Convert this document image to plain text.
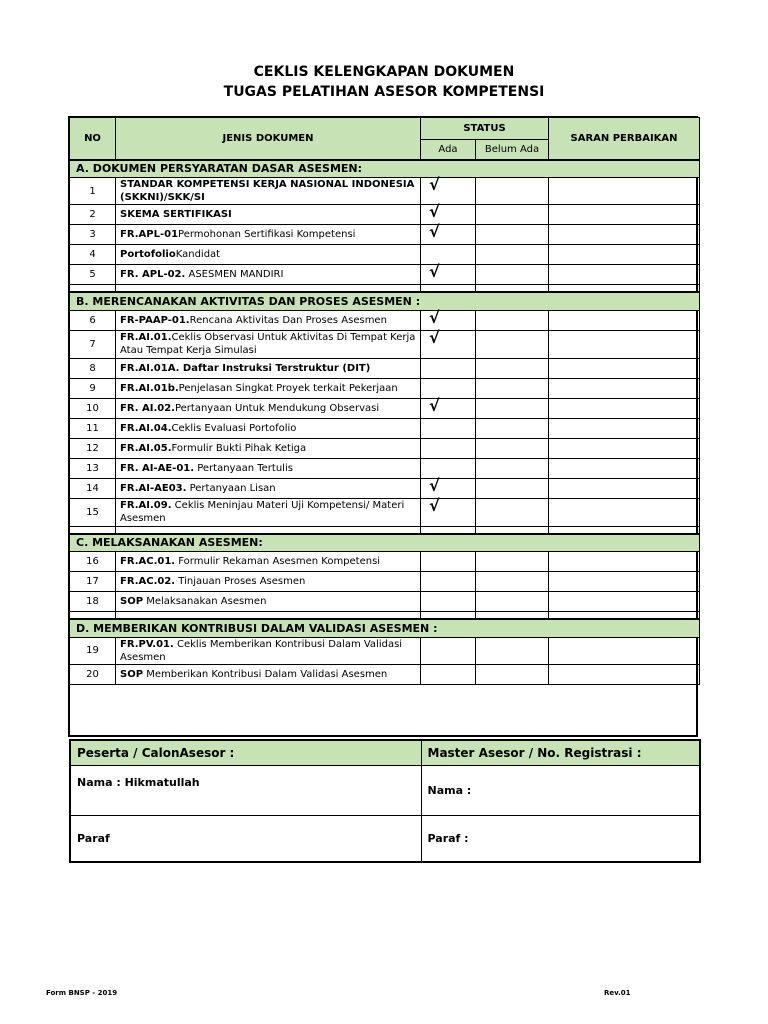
CEKLIS KELENGKAPAN DOKUMEN
TUGAS PELATIHAN ASESOR KOMPETENSI
NO	JENIS DOKUMEN	STATUS		SARAN PERBAIKAN
		Ada	Belum Ada	
A. DOKUMEN PERSYARATAN DASAR ASESMEN:				
1	STANDAR KOMPETENSI KERJA NASIONAL INDONESIA (SKKNI)/SKK/SI	√		
2	SKEMA SERTIFIKASI	√		
3	FR.APL-01Permohonan Sertifikasi Kompetensi	√		
4	PortofolioKandidat			
5	FR. APL-02. ASESMEN MANDIRI	√		

B. MERENCANAKAN AKTIVITAS DAN PROSES ASESMEN :				
6	FR-PAAP-01.Rencana Aktivitas Dan Proses Asesmen	√		
7	FR.AI.01.Ceklis Observasi Untuk Aktivitas Di Tempat Kerja Atau Tempat Kerja Simulasi	√		
8	FR.AI.01A. Daftar Instruksi Terstruktur (DIT)			
9	FR.AI.01b.Penjelasan Singkat Proyek terkait Pekerjaan			
10	FR. AI.02.Pertanyaan Untuk Mendukung Observasi	√		
11	FR.AI.04.Ceklis Evaluasi Portofolio			
12	FR.AI.05.Formulir Bukti Pihak Ketiga			
13	FR. AI-AE-01. Pertanyaan Tertulis			
14	FR.AI-AE03. Pertanyaan Lisan	√		
15	FR.AI.09. Ceklis Meninjau Materi Uji Kompetensi/ Materi Asesmen	√		

C. MELAKSANAKAN ASESMEN:				
16	FR.AC.01. Formulir Rekaman Asesmen Kompetensi			
17	FR.AC.02. Tinjauan Proses Asesmen			
18	SOP Melaksanakan Asesmen			

D. MEMBERIKAN KONTRIBUSI DALAM VALIDASI ASESMEN :				
19	FR.PV.01. Ceklis Memberikan Kontribusi Dalam Validasi Asesmen			
20	SOP Memberikan Kontribusi Dalam Validasi Asesmen			
Peserta / CalonAsesor :	Master Asesor / No. Registrasi :
Nama : Hikmatullah	Nama :
Paraf	Paraf :
Form BNSP - 2019	Rev.01
